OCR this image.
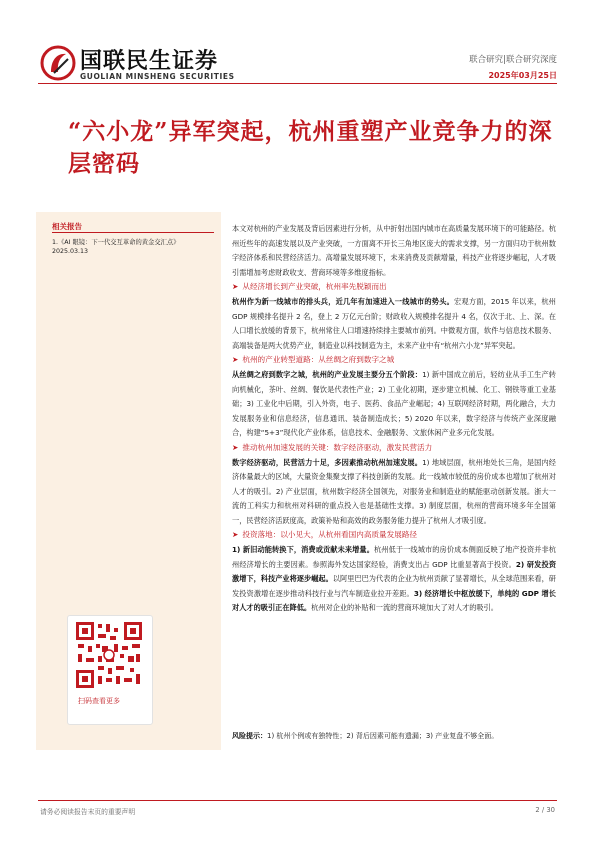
国联民生证券
GUOLIAN MINSHENG SECURITIES
联合研究|联合研究深度
2025年03月25日
“六小龙”异军突起，杭州重塑产业竞争力的深层密码
相关报告
1.《AI 眼镜：下一代交互革命的黄金交汇点》
2025.03.13
扫码查看更多

本文对杭州的产业发展及背后因素进行分析，从中折射出国内城市在高质量发展环境下的可能路径。杭州近些年的高速发展以及产业突破，一方面离不开长三角地区庞大的需求支撑，另一方面归功于杭州数字经济体系和民营经济活力。高增量发展环境下，未来消费及贡献增量，科技产业将逐步崛起，人才吸引需增加考虑财政收支、营商环境等多维度指标。

➤ 从经济增长到产业突破，杭州率先脱颖而出

杭州作为新一线城市的排头兵，近几年有加速进入一线城市的势头。宏观方面，2015 年以来，杭州 GDP 规模排名提升 2 名，登上 2 万亿元台阶；财政收入规模排名提升 4 名，仅次于北、上、深。在人口增长放缓的背景下，杭州常住人口增速持续排主要城市前列。中微观方面，软件与信息技术服务、高端装备是两大优势产业，制造业以科技制造为主，未来产业中有“杭州六小龙”异军突起。

➤ 杭州的产业转型道路：从丝绸之府到数字之城

从丝绸之府到数字之城，杭州的产业发展主要分五个阶段：1) 新中国成立前后，轻纺业从手工生产转向机械化，茶叶、丝绸、餐饮是代表性产业；2) 工业化初期，逐步建立机械、化工、钢铁等重工业基础；3) 工业化中后期，引入外资，电子、医药、食品产业崛起；4) 互联网经济时期，两化融合，大力发展服务业和信息经济，信息通讯、装备制造成长；5) 2020 年以来，数字经济与传统产业深度融合，构建“5+3”现代化产业体系，信息技术、金融服务、文旅休闲产业多元化发展。

➤ 推动杭州加速发展的关键：数字经济驱动，激发民营活力

数字经济驱动，民营活力十足，多因素推动杭州加速发展。1) 地域层面，杭州地处长三角，是国内经济体量最大的区域，大量资金集聚支撑了科技创新的发展。此一线城市较低的房价成本也增加了杭州对人才的吸引。2) 产业层面，杭州数字经济全国领先，对服务业和制造业的赋能驱动创新发展。浙大一流的工科实力和杭州对科研的重点投入也是基础性支撑。3) 制度层面，杭州的营商环境多年全国第一，民营经济活跃度高，政策补贴和高效的政务服务能力提升了杭州人才吸引度。

➤ 投资落地：以小见大，从杭州看国内高质量发展路径

1) 新旧动能转换下，消费或贡献未来增量。杭州低于一线城市的房价成本侧面反映了地产投资并非杭州经济增长的主要因素。参照海外发达国家经验，消费支出占 GDP 比重显著高于投资。2) 研发投资激增下，科技产业将逐步崛起。以阿里巴巴为代表的企业为杭州贡献了显著增长，从全球范围来看，研发投资激增在逐步推动科技行业与汽车制造业拉开差距。3) 经济增长中枢放缓下，单纯的 GDP 增长对人才的吸引正在降低。杭州对企业的补贴和一流的营商环境加大了对人才的吸引。

风险提示：1) 杭州个例或有独特性；2) 背后因素可能有遗漏；3) 产业复盘不够全面。
请务必阅读报告末页的重要声明	2 / 30
